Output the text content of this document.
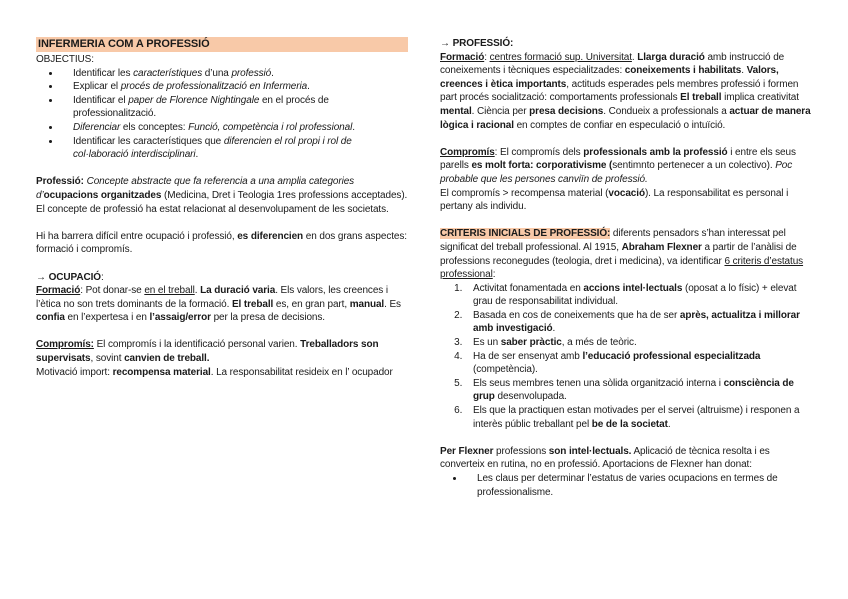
INFERMERIA COM A PROFESSIÓ

OBJECTIUS:

• Identificar les característiques d’una professió.
• Explicar el procés de professionalització en Infermeria.
• Identificar el paper de Florence Nightingale en el procés de professionalització.
• Diferenciar els conceptes: Funció, competència i rol professional.
• Identificar les característiques que diferencien el rol propi i rol de col·laboració interdisciplinari.

Professió: Concepte abstracte que fa referencia a una amplia categories d’ocupacions organitzades (Medicina, Dret i Teologia 1res professions acceptades).

El concepte de professió ha estat relacionat al desenvolupament de les societats.

Hi ha barrera difícil entre ocupació i professió, es diferencien en dos grans aspectes: formació i compromís.

→ OCUPACIÓ:

Formació: Pot donar-se en el treball. La duració varia. Els valors, les creences i l’ètica no son trets dominants de la formació. El treball es, en gran part, manual. Es confia en l’expertesa i en l’assaig/error per la presa de decisions.

Compromís: El compromís i la identificació personal varien. Treballadors son supervisats, sovint canvien de treball.

Motivació import: recompensa material. La responsabilitat resideix en l’ ocupador

→ PROFESSIÓ:

Formació: centres formació sup. Universitat. Llarga duració amb instrucció de coneixements i tècniques especialitzades: coneixements i habilitats. Valors, creences i ètica importants, actituds esperades pels membres professió i formen part procés socialització: comportaments professionals El treball implica creativitat mental. Ciència per presa decisions. Condueix a professionals a actuar de manera lògica i racional en comptes de confiar en especulació o intuïció.

Compromís: El compromís dels professionals amb la professió i entre els seus parells es molt forta: corporativisme (sentimnto pertenecer a un colectivo). Poc probable que les persones canviïn de professió.

El compromís > recompensa material (vocació). La responsabilitat es personal i pertany als individu.

CRITERIS INICIALS DE PROFESSIÓ: diferents pensadors s’han interessat pel significat del treball professional. Al 1915, Abraham Flexner a partir de l’anàlisi de professions reconegudes (teologia, dret i medicina), va identificar 6 criteris d’estatus professional:

1. Activitat fonamentada en accions intel·lectuals (oposat a lo físic) + elevat grau de responsabilitat individual.
2. Basada en cos de coneixements que ha de ser après, actualitza i millorar amb investigació.
3. Es un saber pràctic, a més de teòric.
4. Ha de ser ensenyat amb l’educació professional especialitzada (competència).
5. Els seus membres tenen una sòlida organització interna i consciència de grup desenvolupada.
6. Els que la practiquen estan motivades per el servei (altruisme) i responen a interès públic treballant pel be de la societat.

Per Flexner professions son intel·lectuals. Aplicació de tècnica resolta i es converteix en rutina, no en professió. Aportacions de Flexner han donat:

• Les claus per determinar l’estatus de varies ocupacions en termes de professionalisme.
